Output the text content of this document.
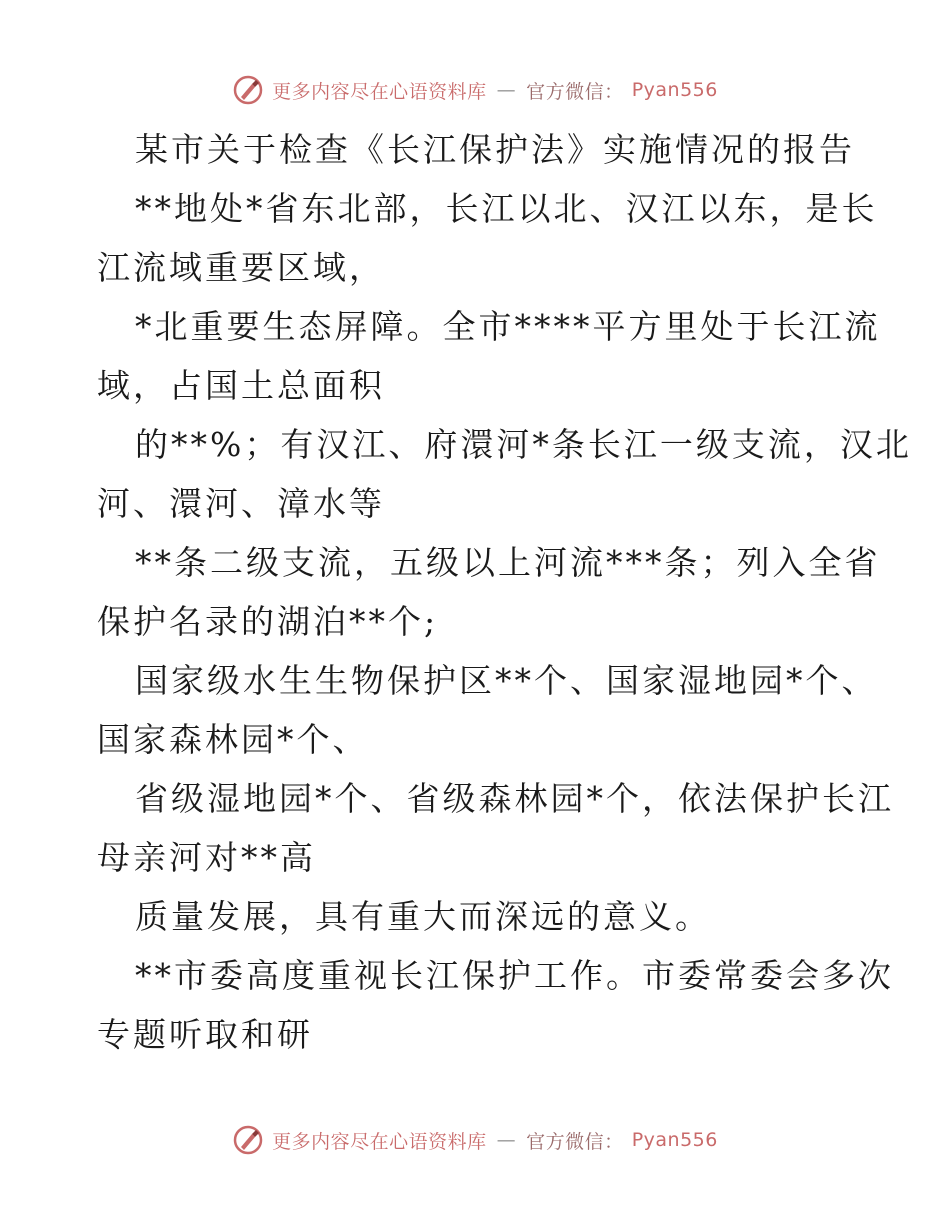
更多内容尽在心语资料库 — 官方微信： Pyan556
某市关于检查《长江保护法》实施情况的报告
**地处*省东北部，长江以北、汉江以东，是长
江流域重要区域，
*北重要生态屏障。全市****平方里处于长江流
域，占国土总面积
的**%；有汉江、府澴河*条长江一级支流，汉北
河、澴河、漳水等
**条二级支流，五级以上河流***条；列入全省
保护名录的湖泊**个;
国家级水生生物保护区**个、国家湿地园*个、
国家森林园*个、
省级湿地园*个、省级森林园*个，依法保护长江
母亲河对**高
质量发展，具有重大而深远的意义。
**市委高度重视长江保护工作。市委常委会多次
专题听取和研
更多内容尽在心语资料库 — 官方微信： Pyan556
